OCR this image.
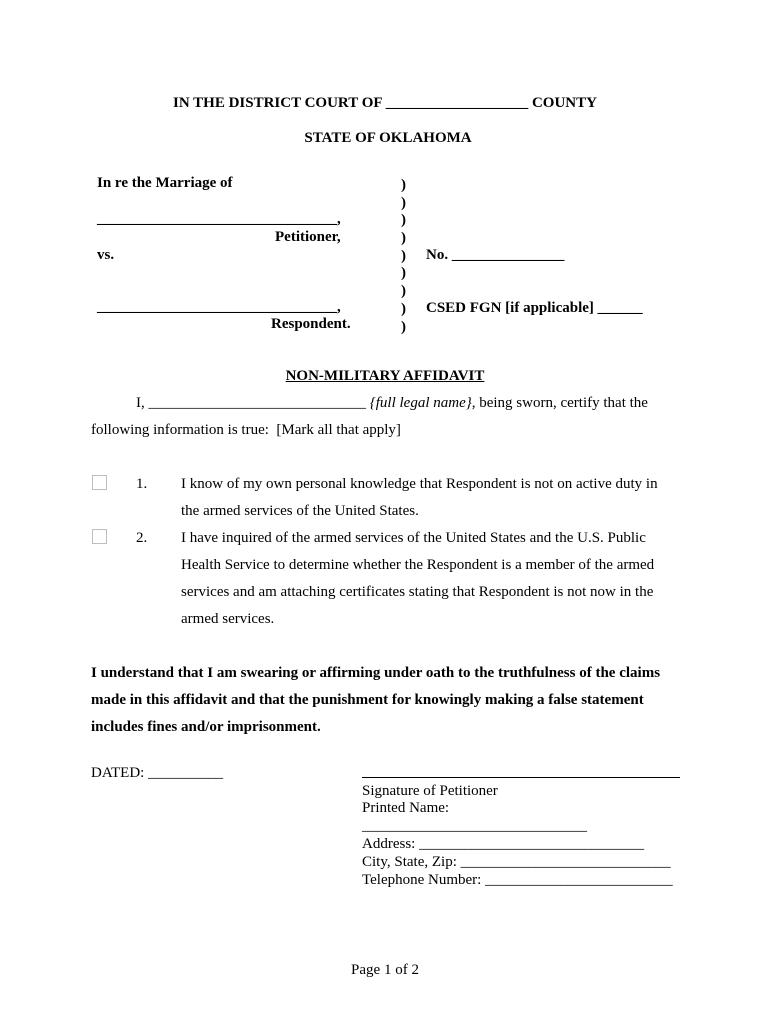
IN THE DISTRICT COURT OF ___________________ COUNTY
STATE OF OKLAHOMA
In re the Marriage of
________________________________,
Petitioner,
vs.
________________________________,
Respondent.
)
)
)
)
)
)
)
)
)
No. _______________
CSED FGN [if applicable] ______
NON-MILITARY AFFIDAVIT
I, _____________________________ {full legal name}, being sworn, certify that the
following information is true:  [Mark all that apply]
1. I know of my own personal knowledge that Respondent is not on active duty in
the armed services of the United States.
2. I have inquired of the armed services of the United States and the U.S. Public
Health Service to determine whether the Respondent is a member of the armed
services and am attaching certificates stating that Respondent is not now in the
armed services.
I understand that I am swearing or affirming under oath to the truthfulness of the claims
made in this affidavit and that the punishment for knowingly making a false statement
includes fines and/or imprisonment.
DATED: __________
Signature of Petitioner
Printed Name:
______________________________
Address: ______________________________
City, State, Zip: ____________________________
Telephone Number: _________________________
Page 1 of 2
